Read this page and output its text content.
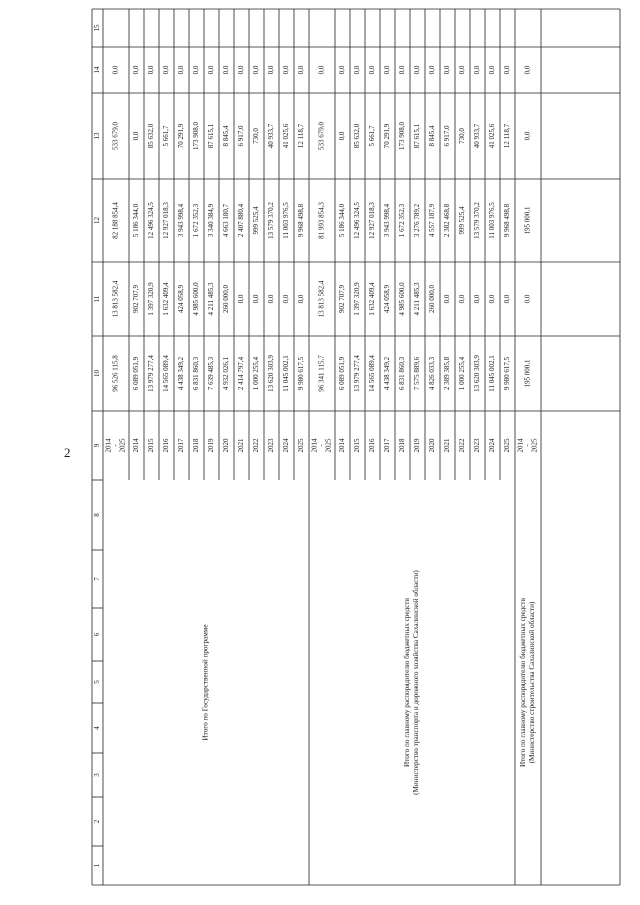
2
1
2
3
4
5
6
7
8
9
10
11
12
13
14
15
2014 - 2025
96 526 115,8
13 813 582,4
82 188 854,4
533 679,0
0,0
2014
6 089 051,9
902 707,9
5 186 344,0
0,0
0,0
2015
13 979 277,4
1 397 320,9
12 496 324,5
85 632,0
0,0
2016
14 565 089,4
1 632 409,4
12 927 018,3
5 661,7
0,0
2017
4 438 349,2
424 058,9
3 943 998,4
70 291,9
0,0
2018
6 831 860,3
4 985 600,0
1 672 352,3
173 908,0
0,0
2019
7 639 485,3
4 211 485,3
3 340 384,9
87 615,1
0,0
2020
4 932 026,1
260 000,0
4 663 180,7
8 845,4
0,0
2021
2 414 797,4
0,0
2 407 880,4
6 917,0
0,0
2022
1 000 255,4
0,0
999 525,4
730,0
0,0
2023
13 620 303,9
0,0
13 579 370,2
40 933,7
0,0
2024
11 045 002,1
0,0
11 003 976,5
41 025,6
0,0
2025
9 980 617,5
0,0
9 968 498,8
12 118,7
0,0
Итого по Государственной программе
2014 - 2025
96 341 115,7
13 813 582,4
81 993 854,3
533 679,0
0,0
2014
6 089 051,9
902 707,9
5 186 344,0
0,0
0,0
2015
13 979 277,4
1 397 320,9
12 496 324,5
85 632,0
0,0
2016
14 565 089,4
1 632 409,4
12 927 018,3
5 661,7
0,0
2017
4 438 349,2
424 058,9
3 943 998,4
70 291,9
0,0
2018
6 831 860,3
4 985 600,0
1 672 352,3
173 908,0
0,0
2019
7 575 889,6
4 211 485,3
3 276 789,2
87 615,1
0,0
2020
4 826 033,3
260 000,0
4 557 187,9
8 845,4
0,0
2021
2 389 385,8
0,0
2 382 468,8
6 917,0
0,0
2022
1 000 255,4
0,0
999 525,4
730,0
0,0
2023
13 620 303,9
0,0
13 579 370,2
40 933,7
0,0
2024
11 045 002,1
0,0
11 003 976,5
41 025,6
0,0
2025
9 980 617,5
0,0
9 968 498,8
12 118,7
0,0
Итого по главному распорядителю бюджетных средств (Министерство транспорта и дорожного хозяйства Сахалинской области)
2014 - 2025
195 000,1
0,0
195 000,1
0,0
0,0
Итого по главному распорядителю бюджетных средств (Министерство строительства Сахалинской области)
